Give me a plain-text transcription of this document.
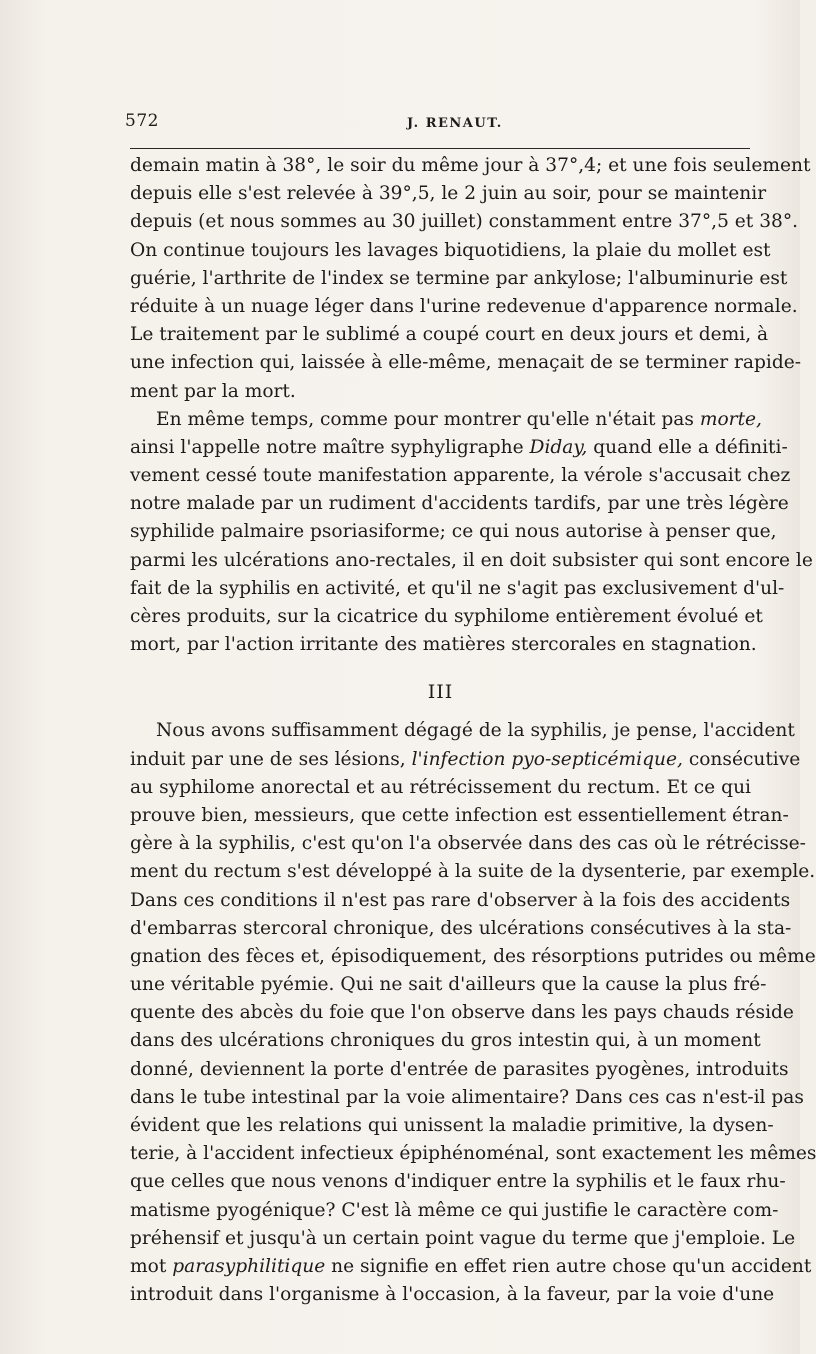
572	J. RENAUT.
demain matin à 38°, le soir du même jour à 37°,4; et une fois seulement
depuis elle s'est relevée à 39°,5, le 2 juin au soir, pour se maintenir
depuis (et nous sommes au 30 juillet) constamment entre 37°,5 et 38°.
On continue toujours les lavages biquotidiens, la plaie du mollet est
guérie, l'arthrite de l'index se termine par ankylose; l'albuminurie est
réduite à un nuage léger dans l'urine redevenue d'apparence normale.
Le traitement par le sublimé a coupé court en deux jours et demi, à
une infection qui, laissée à elle-même, menaçait de se terminer rapide-
ment par la mort.
En même temps, comme pour montrer qu'elle n'était pas morte,
ainsi l'appelle notre maître syphyligraphe Diday, quand elle a définiti-
vement cessé toute manifestation apparente, la vérole s'accusait chez
notre malade par un rudiment d'accidents tardifs, par une très légère
syphilide palmaire psoriasiforme; ce qui nous autorise à penser que,
parmi les ulcérations ano-rectales, il en doit subsister qui sont encore le
fait de la syphilis en activité, et qu'il ne s'agit pas exclusivement d'ul-
cères produits, sur la cicatrice du syphilome entièrement évolué et
mort, par l'action irritante des matières stercorales en stagnation.
III
Nous avons suffisamment dégagé de la syphilis, je pense, l'accident
induit par une de ses lésions, l'infection pyo-septicémique, consécutive
au syphilome anorectal et au rétrécissement du rectum. Et ce qui
prouve bien, messieurs, que cette infection est essentiellement étran-
gère à la syphilis, c'est qu'on l'a observée dans des cas où le rétrécisse-
ment du rectum s'est développé à la suite de la dysenterie, par exemple.
Dans ces conditions il n'est pas rare d'observer à la fois des accidents
d'embarras stercoral chronique, des ulcérations consécutives à la sta-
gnation des fèces et, épisodiquement, des résorptions putrides ou même
une véritable pyémie. Qui ne sait d'ailleurs que la cause la plus fré-
quente des abcès du foie que l'on observe dans les pays chauds réside
dans des ulcérations chroniques du gros intestin qui, à un moment
donné, deviennent la porte d'entrée de parasites pyogènes, introduits
dans le tube intestinal par la voie alimentaire? Dans ces cas n'est-il pas
évident que les relations qui unissent la maladie primitive, la dysen-
terie, à l'accident infectieux épiphénoménal, sont exactement les mêmes
que celles que nous venons d'indiquer entre la syphilis et le faux rhu-
matisme pyogénique? C'est là même ce qui justifie le caractère com-
préhensif et jusqu'à un certain point vague du terme que j'emploie. Le
mot parasyphilitique ne signifie en effet rien autre chose qu'un accident
introduit dans l'organisme à l'occasion, à la faveur, par la voie d'une
